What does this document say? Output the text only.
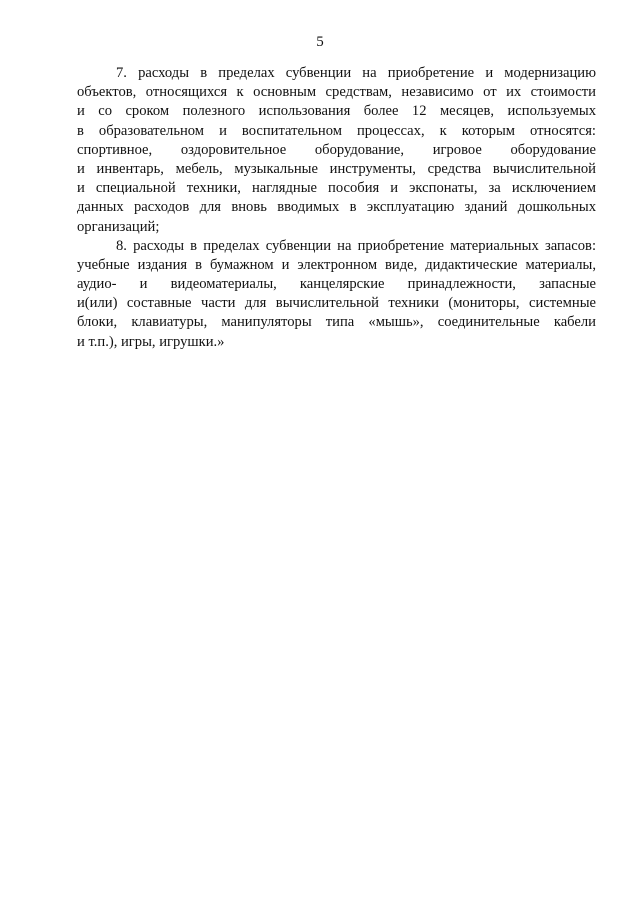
5
7. расходы в пределах субвенции на приобретение и модернизацию
объектов, относящихся к основным средствам, независимо от их стоимости
и со сроком полезного использования более 12 месяцев, используемых
в образовательном и воспитательном процессах, к которым относятся:
спортивное, оздоровительное оборудование, игровое оборудование
и инвентарь, мебель, музыкальные инструменты, средства вычислительной
и специальной техники, наглядные пособия и экспонаты, за исключением
данных расходов для вновь вводимых в эксплуатацию зданий дошкольных
организаций;
8. расходы в пределах субвенции на приобретение материальных запасов:
учебные издания в бумажном и электронном виде, дидактические материалы,
аудио- и видеоматериалы, канцелярские принадлежности, запасные
и(или) составные части для вычислительной техники (мониторы, системные
блоки, клавиатуры, манипуляторы типа «мышь», соединительные кабели
и т.п.), игры, игрушки.»
